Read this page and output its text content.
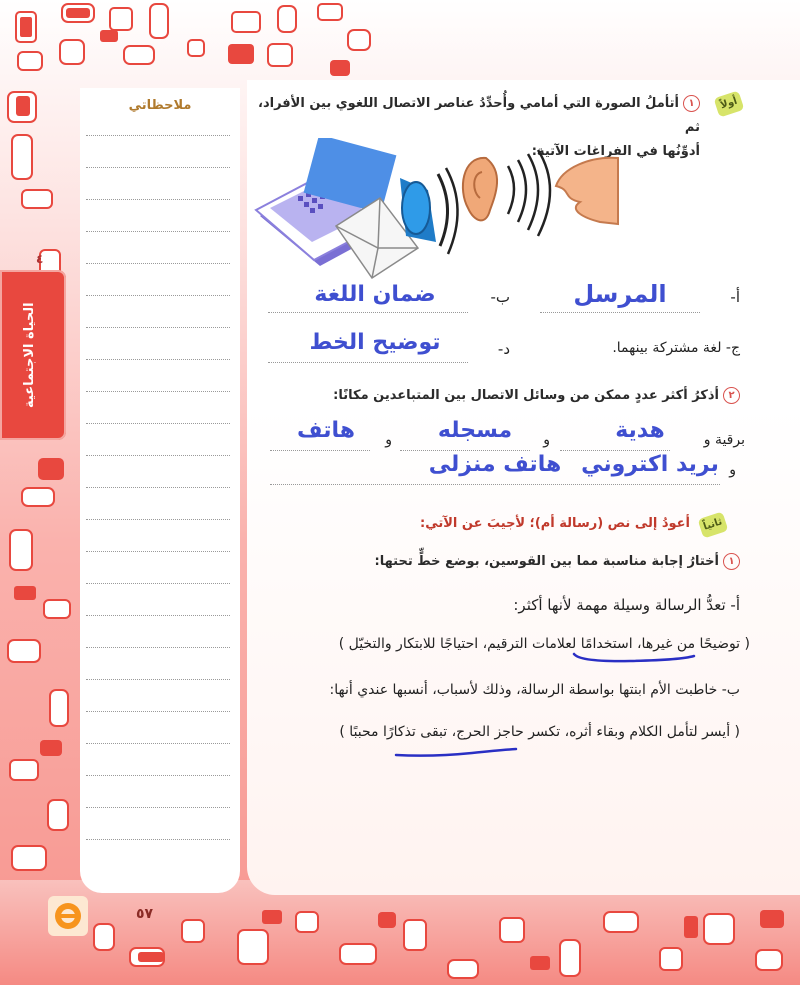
ملاحظاتي
٤
الحياة الاجتماعية
أولاً
١أتأملُ الصورة التي أمامي وأُحدِّدُ عناصر الاتصال اللغوي بين الأفراد، ثم
أدوِّنُها في الفراغات الآتية:
أ-
المرسل
ب-
ضمان اللغة
ج- لغة مشتركة بينهما.
د-
توضيح الخط
٢أذكرُ أكثر عددٍ ممكن من وسائل الاتصال بين المتباعدين مكانًا:
برقية و
هدية
و
مسجله
و
هاتف
و
بريد اكتروني
هاتف منزلى
ثانياً
أعودُ إلى نص (رسالة أم)؛ لأجيبَ عن الآتي:
١أختارُ إجابة مناسبة مما بين القوسين، بوضع خطٍّ تحتها:
أ- تعدُّ الرسالة وسيلة مهمة لأنها أكثر:
( توضيحًا من غيرها، استخدامًا لعلامات الترقيم، احتياجًا للابتكار والتخيّل )
ب- خاطبت الأم ابنتها بواسطة الرسالة، وذلك لأسباب، أنسبها عندي أنها:
( أيسر لتأمل الكلام وبقاء أثره، تكسر حاجز الحرج، تبقى تذكارًا محببًا )
٥٧
